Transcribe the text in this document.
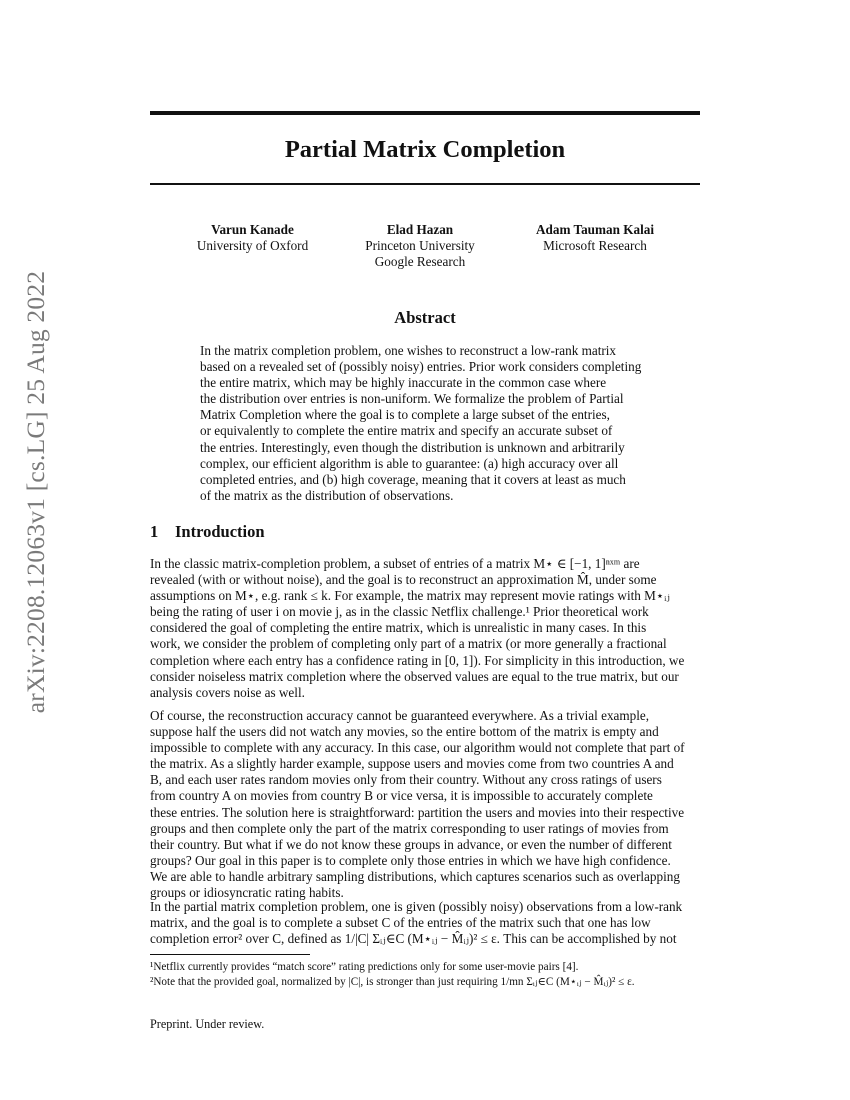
arXiv:2208.12063v1 [cs.LG] 25 Aug 2022
Partial Matrix Completion
Varun Kanade
University of Oxford
Elad Hazan
Princeton University
Google Research
Adam Tauman Kalai
Microsoft Research
Abstract
In the matrix completion problem, one wishes to reconstruct a low-rank matrix
based on a revealed set of (possibly noisy) entries. Prior work considers completing
the entire matrix, which may be highly inaccurate in the common case where
the distribution over entries is non-uniform. We formalize the problem of Partial
Matrix Completion where the goal is to complete a large subset of the entries,
or equivalently to complete the entire matrix and specify an accurate subset of
the entries. Interestingly, even though the distribution is unknown and arbitrarily
complex, our efficient algorithm is able to guarantee: (a) high accuracy over all
completed entries, and (b) high coverage, meaning that it covers at least as much
of the matrix as the distribution of observations.
1 Introduction
In the classic matrix-completion problem, a subset of entries of a matrix M⋆ ∈ [−1, 1]ⁿˣᵐ are
revealed (with or without noise), and the goal is to reconstruct an approximation M̂, under some
assumptions on M⋆, e.g. rank ≤ k. For example, the matrix may represent movie ratings with M⋆ᵢⱼ
being the rating of user i on movie j, as in the classic Netflix challenge.¹ Prior theoretical work
considered the goal of completing the entire matrix, which is unrealistic in many cases. In this
work, we consider the problem of completing only part of a matrix (or more generally a fractional
completion where each entry has a confidence rating in [0, 1]). For simplicity in this introduction, we
consider noiseless matrix completion where the observed values are equal to the true matrix, but our
analysis covers noise as well.
Of course, the reconstruction accuracy cannot be guaranteed everywhere. As a trivial example,
suppose half the users did not watch any movies, so the entire bottom of the matrix is empty and
impossible to complete with any accuracy. In this case, our algorithm would not complete that part of
the matrix. As a slightly harder example, suppose users and movies come from two countries A and
B, and each user rates random movies only from their country. Without any cross ratings of users
from country A on movies from country B or vice versa, it is impossible to accurately complete
these entries. The solution here is straightforward: partition the users and movies into their respective
groups and then complete only the part of the matrix corresponding to user ratings of movies from
their country. But what if we do not know these groups in advance, or even the number of different
groups? Our goal in this paper is to complete only those entries in which we have high confidence.
We are able to handle arbitrary sampling distributions, which captures scenarios such as overlapping
groups or idiosyncratic rating habits.
In the partial matrix completion problem, one is given (possibly noisy) observations from a low-rank
matrix, and the goal is to complete a subset C of the entries of the matrix such that one has low
completion error² over C, defined as 1/|C| Σᵢⱼ∈C (M⋆ᵢⱼ − M̂ᵢⱼ)² ≤ ε. This can be accomplished by not
¹Netflix currently provides “match score” rating predictions only for some user-movie pairs [4].
²Note that the provided goal, normalized by |C|, is stronger than just requiring 1/mn Σᵢⱼ∈C (M⋆ᵢⱼ − M̂ᵢⱼ)² ≤ ε.
Preprint. Under review.
